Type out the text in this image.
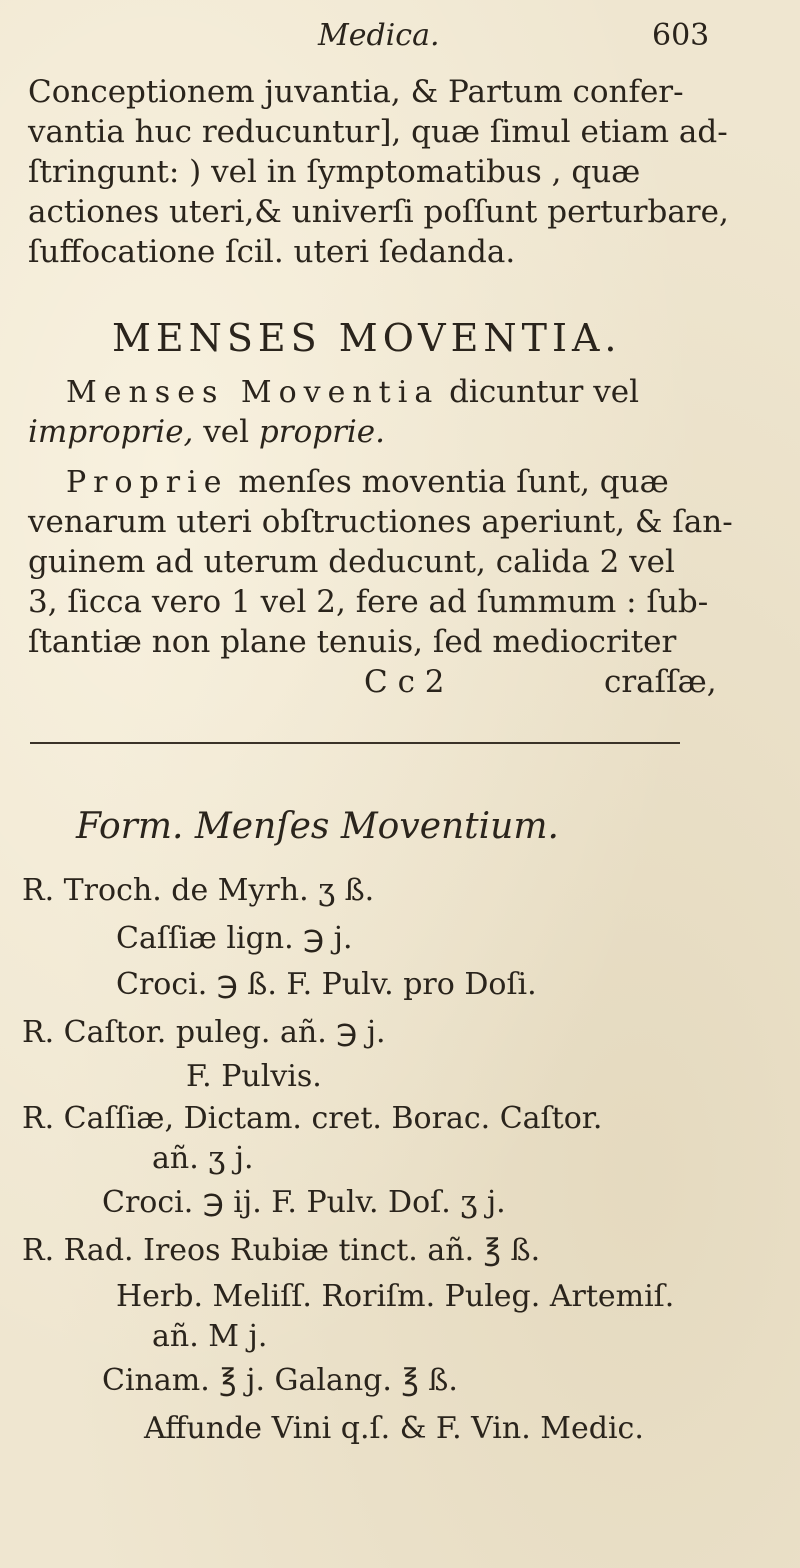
Medica.	603
Conceptionem juvantia, & Partum confer-
vantia huc reducuntur], quæ ſimul etiam ad-
ſtringunt: ) vel in ſymptomatibus , quæ
actiones uteri,& univerſi poſſunt perturbare,
ſuffocatione ſcil. uteri ſedanda.
MENSES MOVENTIA.
Menses Moventia dicuntur vel
improprie, vel proprie.
Proprie menſes moventia ſunt, quæ
venarum uteri obſtructiones aperiunt, & ſan-
guinem ad uterum deducunt, calida 2 vel
3, ſicca vero 1 vel 2, fere ad ſummum : ſub-
ſtantiæ non plane tenuis, ſed mediocriter
C c 2	craſſæ,
Form. Menſes Moventium.
R. Troch. de Myrh. ʒ ß.
Caſſiæ lign. ℈ j.
Croci. ℈ ß. F. Pulv. pro Doſi.
R. Caſtor. puleg. añ. ℈ j.
F. Pulvis.
R. Caſſiæ, Dictam. cret. Borac. Caſtor.
añ. ʒ j.
Croci. ℈ ij. F. Pulv. Doſ. ʒ j.
R. Rad. Ireos Rubiæ tinct. añ. ℥ ß.
Herb. Meliſſ. Roriſm. Puleg. Artemiſ.
añ. M j.
Cinam. ℥ j. Galang. ℥ ß.
Affunde Vini q.ſ. & F. Vin. Medic.
